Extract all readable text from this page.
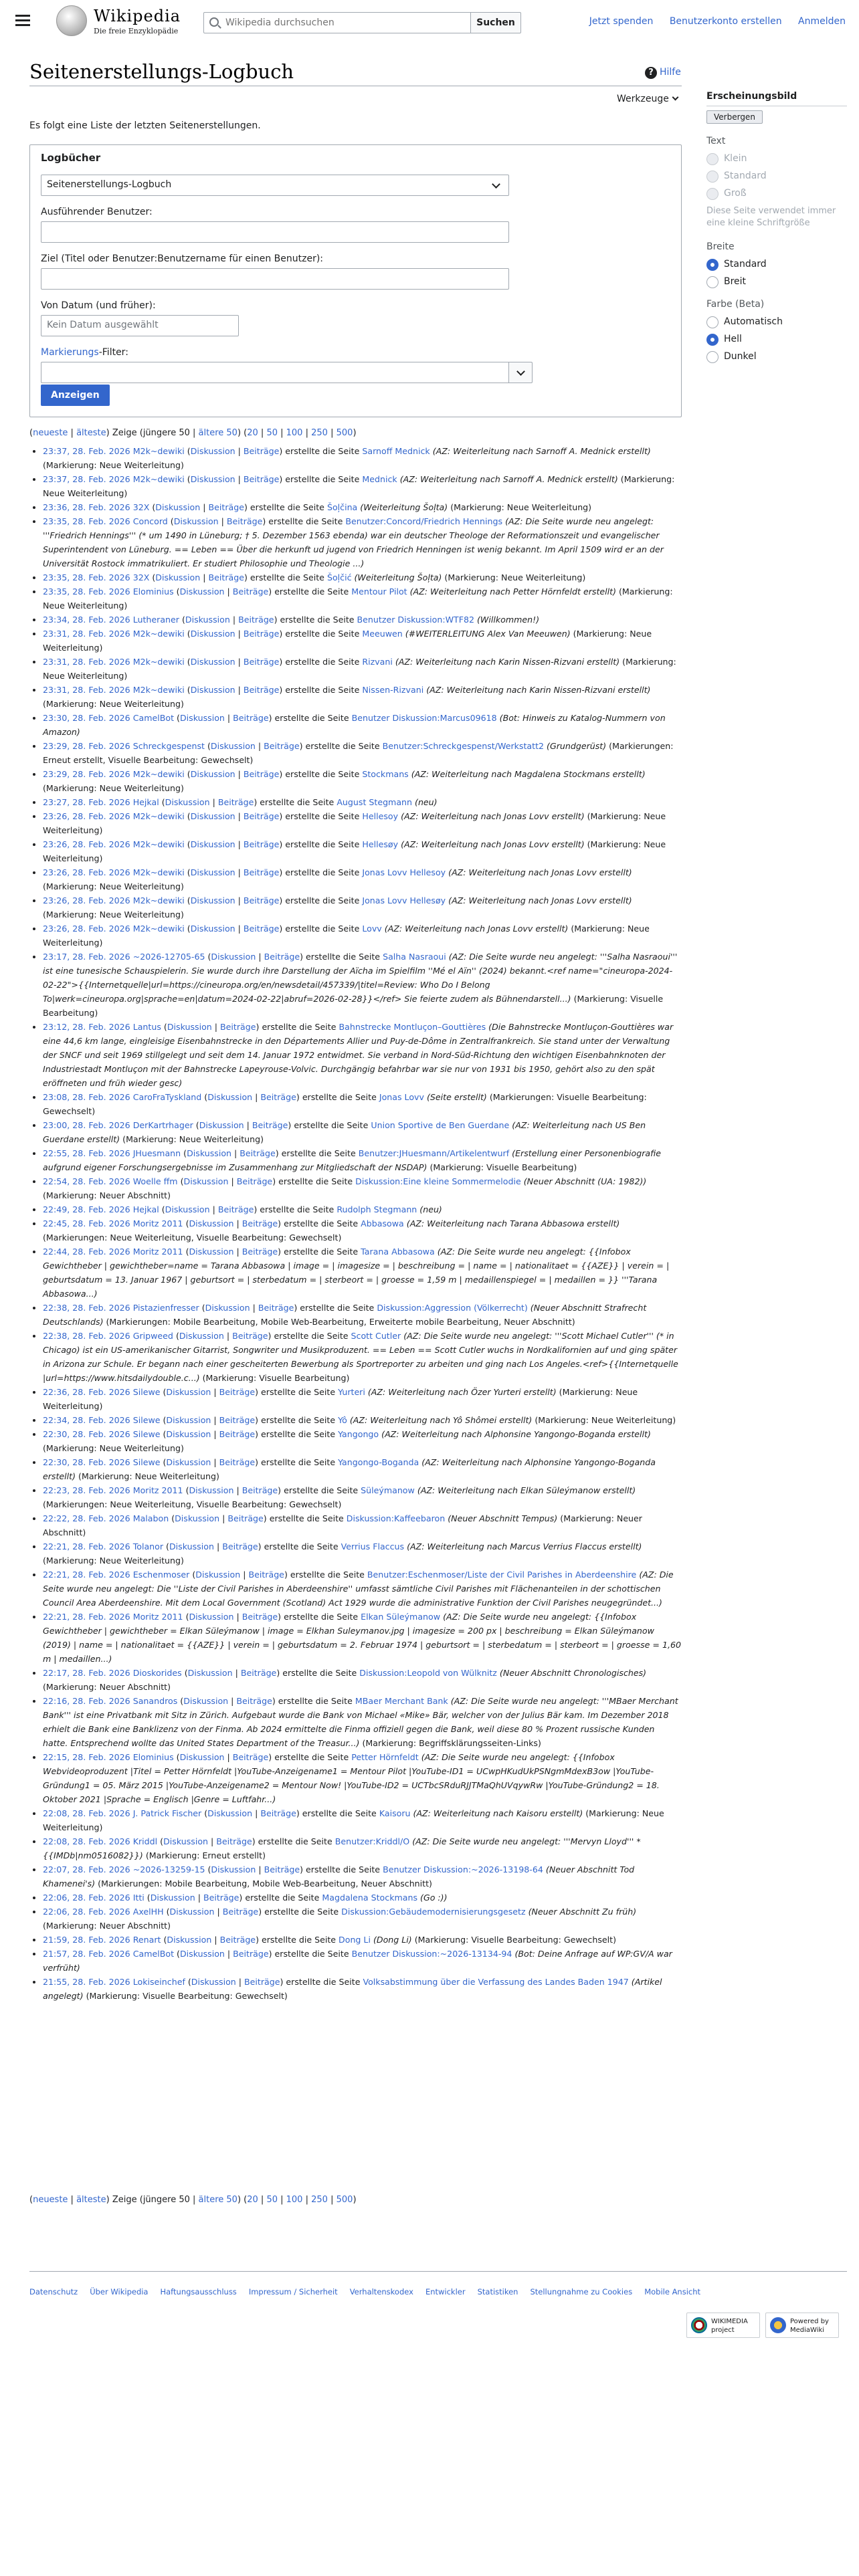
Wikipedia
Die freie Enzyklopädie
Wikipedia durchsuchen
Suchen	Jetzt spenden Benutzerkonto erstellen Anmelden
Seitenerstellungs-Logbuch	? Hilfe
Werkzeuge
Es folgt eine Liste der letzten Seitenerstellungen.
Logbücher
Seitenerstellungs-Logbuch
Ausführender Benutzer:
Ziel (Titel oder Benutzer:Benutzername für einen Benutzer):
Von Datum (und früher):
Kein Datum ausgewählt
Markierungs-Filter:
Anzeigen
(neueste | älteste) Zeige (jüngere 50 | ältere 50) (20 | 50 | 100 | 250 | 500)
• 23:37, 28. Feb. 2026 M2k~dewiki (Diskussion | Beiträge) erstellte die Seite Sarnoff Mednick (AZ: Weiterleitung nach Sarnoff A. Mednick erstellt) (Markierung: Neue Weiterleitung)
• 23:37, 28. Feb. 2026 M2k~dewiki (Diskussion | Beiträge) erstellte die Seite Mednick (AZ: Weiterleitung nach Sarnoff A. Mednick erstellt) (Markierung: Neue Weiterleitung)
• 23:36, 28. Feb. 2026 32X (Diskussion | Beiträge) erstellte die Seite Šoļčina (Weiterleitung Šoļta) (Markierung: Neue Weiterleitung)
• 23:35, 28. Feb. 2026 Concord (Diskussion | Beiträge) erstellte die Seite Benutzer:Concord/Friedrich Hennings (AZ: Die Seite wurde neu angelegt: '''Friedrich Hennings''' (* um 1490 in Lüneburg; † 5. Dezember 1563 ebenda) war ein deutscher Theologe der Reformationszeit und evangelischer Superintendent von Lüneburg. == Leben == Über die herkunft ud jugend von Friedrich Henningen ist wenig bekannt. Im April 1509 wird er an der Universität Rostock immatrikuliert. Er studiert Philosophie und Theologie ...)
• 23:35, 28. Feb. 2026 32X (Diskussion | Beiträge) erstellte die Seite Šoļčić (Weiterleitung Šoļta) (Markierung: Neue Weiterleitung)
• 23:35, 28. Feb. 2026 Elominius (Diskussion | Beiträge) erstellte die Seite Mentour Pilot (AZ: Weiterleitung nach Petter Hörnfeldt erstellt) (Markierung: Neue Weiterleitung)
• 23:34, 28. Feb. 2026 Lutheraner (Diskussion | Beiträge) erstellte die Seite Benutzer Diskussion:WTF82 (Willkommen!)
• 23:31, 28. Feb. 2026 M2k~dewiki (Diskussion | Beiträge) erstellte die Seite Meeuwen (#WEITERLEITUNG Alex Van Meeuwen) (Markierung: Neue Weiterleitung)
• 23:31, 28. Feb. 2026 M2k~dewiki (Diskussion | Beiträge) erstellte die Seite Rizvani (AZ: Weiterleitung nach Karin Nissen-Rizvani erstellt) (Markierung: Neue Weiterleitung)
• 23:31, 28. Feb. 2026 M2k~dewiki (Diskussion | Beiträge) erstellte die Seite Nissen-Rizvani (AZ: Weiterleitung nach Karin Nissen-Rizvani erstellt) (Markierung: Neue Weiterleitung)
• 23:30, 28. Feb. 2026 CamelBot (Diskussion | Beiträge) erstellte die Seite Benutzer Diskussion:Marcus09618 (Bot: Hinweis zu Katalog-Nummern von Amazon)
• 23:29, 28. Feb. 2026 Schreckgespenst (Diskussion | Beiträge) erstellte die Seite Benutzer:Schreckgespenst/Werkstatt2 (Grundgerüst) (Markierungen: Erneut erstellt, Visuelle Bearbeitung: Gewechselt)
• 23:29, 28. Feb. 2026 M2k~dewiki (Diskussion | Beiträge) erstellte die Seite Stockmans (AZ: Weiterleitung nach Magdalena Stockmans erstellt) (Markierung: Neue Weiterleitung)
• 23:27, 28. Feb. 2026 Hejkal (Diskussion | Beiträge) erstellte die Seite August Stegmann (neu)
• 23:26, 28. Feb. 2026 M2k~dewiki (Diskussion | Beiträge) erstellte die Seite Hellesoy (AZ: Weiterleitung nach Jonas Lovv erstellt) (Markierung: Neue Weiterleitung)
• 23:26, 28. Feb. 2026 M2k~dewiki (Diskussion | Beiträge) erstellte die Seite Hellesøy (AZ: Weiterleitung nach Jonas Lovv erstellt) (Markierung: Neue Weiterleitung)
• 23:26, 28. Feb. 2026 M2k~dewiki (Diskussion | Beiträge) erstellte die Seite Jonas Lovv Hellesoy (AZ: Weiterleitung nach Jonas Lovv erstellt) (Markierung: Neue Weiterleitung)
• 23:26, 28. Feb. 2026 M2k~dewiki (Diskussion | Beiträge) erstellte die Seite Jonas Lovv Hellesøy (AZ: Weiterleitung nach Jonas Lovv erstellt) (Markierung: Neue Weiterleitung)
• 23:26, 28. Feb. 2026 M2k~dewiki (Diskussion | Beiträge) erstellte die Seite Lovv (AZ: Weiterleitung nach Jonas Lovv erstellt) (Markierung: Neue Weiterleitung)
• 23:17, 28. Feb. 2026 ~2026-12705-65 (Diskussion | Beiträge) erstellte die Seite Salha Nasraoui (AZ: Die Seite wurde neu angelegt: '''Salha Nasraoui''' ist eine tunesische Schauspielerin. Sie wurde durch ihre Darstellung der Aïcha im Spielfilm ''Mé el Aïn'' (2024) bekannt.<ref name="cineuropa-2024-02-22">{{Internetquelle|url=https://cineuropa.org/en/newsdetail/457339/|titel=Review: Who Do I Belong To|werk=cineuropa.org|sprache=en|datum=2024-02-22|abruf=2026-02-28}}</ref> Sie feierte zudem als Bühnendarstell...) (Markierung: Visuelle Bearbeitung)
• 23:12, 28. Feb. 2026 Lantus (Diskussion | Beiträge) erstellte die Seite Bahnstrecke Montluçon–Gouttières (Die Bahnstrecke Montluçon-Gouttières war eine 44,6 km lange, eingleisige Eisenbahnstrecke in den Départements Allier und Puy-de-Dôme in Zentralfrankreich. Sie stand unter der Verwaltung der SNCF und seit 1969 stillgelegt und seit dem 14. Januar 1972 entwidmet. Sie verband in Nord-Süd-Richtung den wichtigen Eisenbahnknoten der Industriestadt Montluçon mit der Bahnstrecke Lapeyrouse-Volvic. Durchgängig befahrbar war sie nur von 1931 bis 1950, gehört also zu den spät eröffneten und früh wieder gesc)
• 23:08, 28. Feb. 2026 CaroFraTyskland (Diskussion | Beiträge) erstellte die Seite Jonas Lovv (Seite erstellt) (Markierungen: Visuelle Bearbeitung: Gewechselt)
• 23:00, 28. Feb. 2026 DerKartrhager (Diskussion | Beiträge) erstellte die Seite Union Sportive de Ben Guerdane (AZ: Weiterleitung nach US Ben Guerdane erstellt) (Markierung: Neue Weiterleitung)
• 22:55, 28. Feb. 2026 JHuesmann (Diskussion | Beiträge) erstellte die Seite Benutzer:JHuesmann/Artikelentwurf (Erstellung einer Personenbiografie aufgrund eigener Forschungsergebnisse im Zusammenhang zur Mitgliedschaft der NSDAP) (Markierung: Visuelle Bearbeitung)
• 22:54, 28. Feb. 2026 Woelle ffm (Diskussion | Beiträge) erstellte die Seite Diskussion:Eine kleine Sommermelodie (Neuer Abschnitt (UA: 1982)) (Markierung: Neuer Abschnitt)
• 22:49, 28. Feb. 2026 Hejkal (Diskussion | Beiträge) erstellte die Seite Rudolph Stegmann (neu)
• 22:45, 28. Feb. 2026 Moritz 2011 (Diskussion | Beiträge) erstellte die Seite Abbasowa (AZ: Weiterleitung nach Tarana Abbasowa erstellt) (Markierungen: Neue Weiterleitung, Visuelle Bearbeitung: Gewechselt)
• 22:44, 28. Feb. 2026 Moritz 2011 (Diskussion | Beiträge) erstellte die Seite Tarana Abbasowa (AZ: Die Seite wurde neu angelegt: {{Infobox Gewichtheber | gewichtheber=name = Tarana Abbasowa | image = | imagesize = | beschreibung = | name = | nationalitaet = {{AZE}} | verein = | geburtsdatum = 13. Januar 1967 | geburtsort = | sterbedatum = | sterbeort = | groesse = 1,59 m | medaillenspiegel = | medaillen = }} '''Tarana Abbasowa...)
• 22:38, 28. Feb. 2026 Pistazienfresser (Diskussion | Beiträge) erstellte die Seite Diskussion:Aggression (Völkerrecht) (Neuer Abschnitt Strafrecht Deutschlands) (Markierungen: Mobile Bearbeitung, Mobile Web-Bearbeitung, Erweiterte mobile Bearbeitung, Neuer Abschnitt)
• 22:38, 28. Feb. 2026 Gripweed (Diskussion | Beiträge) erstellte die Seite Scott Cutler (AZ: Die Seite wurde neu angelegt: '''Scott Michael Cutler''' (* in Chicago) ist ein US-amerikanischer Gitarrist, Songwriter und Musikproduzent. == Leben == Scott Cutler wuchs in Nordkalifornien auf und ging später in Arizona zur Schule. Er begann nach einer gescheiterten Bewerbung als Sportreporter zu arbeiten und ging nach Los Angeles.<ref>{{Internetquelle |url=https://www.hitsdailydouble.c...) (Markierung: Visuelle Bearbeitung)
• 22:36, 28. Feb. 2026 Silewe (Diskussion | Beiträge) erstellte die Seite Yurteri (AZ: Weiterleitung nach Özer Yurteri erstellt) (Markierung: Neue Weiterleitung)
• 22:34, 28. Feb. 2026 Silewe (Diskussion | Beiträge) erstellte die Seite Yô (AZ: Weiterleitung nach Yô Shômei erstellt) (Markierung: Neue Weiterleitung)
• 22:30, 28. Feb. 2026 Silewe (Diskussion | Beiträge) erstellte die Seite Yangongo (AZ: Weiterleitung nach Alphonsine Yangongo-Boganda erstellt) (Markierung: Neue Weiterleitung)
• 22:30, 28. Feb. 2026 Silewe (Diskussion | Beiträge) erstellte die Seite Yangongo-Boganda (AZ: Weiterleitung nach Alphonsine Yangongo-Boganda erstellt) (Markierung: Neue Weiterleitung)
• 22:23, 28. Feb. 2026 Moritz 2011 (Diskussion | Beiträge) erstellte die Seite Süleýmanow (AZ: Weiterleitung nach Elkan Süleýmanow erstellt) (Markierungen: Neue Weiterleitung, Visuelle Bearbeitung: Gewechselt)
• 22:22, 28. Feb. 2026 Malabon (Diskussion | Beiträge) erstellte die Seite Diskussion:Kaffeebaron (Neuer Abschnitt Tempus) (Markierung: Neuer Abschnitt)
• 22:21, 28. Feb. 2026 Tolanor (Diskussion | Beiträge) erstellte die Seite Verrius Flaccus (AZ: Weiterleitung nach Marcus Verrius Flaccus erstellt) (Markierung: Neue Weiterleitung)
• 22:21, 28. Feb. 2026 Eschenmoser (Diskussion | Beiträge) erstellte die Seite Benutzer:Eschenmoser/Liste der Civil Parishes in Aberdeenshire (AZ: Die Seite wurde neu angelegt: Die ''Liste der Civil Parishes in Aberdeenshire'' umfasst sämtliche Civil Parishes mit Flächenanteilen in der schottischen Council Area Aberdeenshire. Mit dem Local Government (Scotland) Act 1929 wurde die administrative Funktion der Civil Parishes neugegründet...)
• 22:21, 28. Feb. 2026 Moritz 2011 (Diskussion | Beiträge) erstellte die Seite Elkan Süleýmanow (AZ: Die Seite wurde neu angelegt: {{Infobox Gewichtheber | gewichtheber = Elkan Süleýmanow | image = Elkhan Suleymanov.jpg | imagesize = 200 px | beschreibung = Elkan Süleýmanow (2019) | name = | nationalitaet = {{AZE}} | verein = | geburtsdatum = 2. Februar 1974 | geburtsort = | sterbedatum = | sterbeort = | groesse = 1,60 m | medaillen...)
• 22:17, 28. Feb. 2026 Dioskorides (Diskussion | Beiträge) erstellte die Seite Diskussion:Leopold von Wülknitz (Neuer Abschnitt Chronologisches) (Markierung: Neuer Abschnitt)
• 22:16, 28. Feb. 2026 Sanandros (Diskussion | Beiträge) erstellte die Seite MBaer Merchant Bank (AZ: Die Seite wurde neu angelegt: '''MBaer Merchant Bank''' ist eine Privatbank mit Sitz in Zürich. Aufgebaut wurde die Bank von Michael «Mike» Bär, welcher von der Julius Bär kam. Im Dezember 2018 erhielt die Bank eine Banklizenz von der Finma. Ab 2024 ermittelte die Finma offiziell gegen die Bank, weil diese 80 % Prozent russische Kunden hatte. Entsprechend wollte das United States Department of the Treasur...) (Markierung: Begriffsklärungsseiten-Links)
• 22:15, 28. Feb. 2026 Elominius (Diskussion | Beiträge) erstellte die Seite Petter Hörnfeldt (AZ: Die Seite wurde neu angelegt: {{Infobox Webvideoproduzent |Titel = Petter Hörnfeldt |YouTube-Anzeigename1 = Mentour Pilot |YouTube-ID1 = UCwpHKudUkPSNgmMdexB3ow |YouTube-Gründung1 = 05. März 2015 |YouTube-Anzeigename2 = Mentour Now! |YouTube-ID2 = UCTbcSRduRJJTMaQhUVqywRw |YouTube-Gründung2 = 18. Oktober 2021 |Sprache = Englisch |Genre = Luftfahr...)
• 22:08, 28. Feb. 2026 J. Patrick Fischer (Diskussion | Beiträge) erstellte die Seite Kaisoru (AZ: Weiterleitung nach Kaisoru erstellt) (Markierung: Neue Weiterleitung)
• 22:08, 28. Feb. 2026 Kriddl (Diskussion | Beiträge) erstellte die Seite Benutzer:Kriddl/O (AZ: Die Seite wurde neu angelegt: '''Mervyn Lloyd''' * {{IMDb|nm0516082}}) (Markierung: Erneut erstellt)
• 22:07, 28. Feb. 2026 ~2026-13259-15 (Diskussion | Beiträge) erstellte die Seite Benutzer Diskussion:~2026-13198-64 (Neuer Abschnitt Tod Khamenei's) (Markierungen: Mobile Bearbeitung, Mobile Web-Bearbeitung, Neuer Abschnitt)
• 22:06, 28. Feb. 2026 Itti (Diskussion | Beiträge) erstellte die Seite Magdalena Stockmans (Go :))
• 22:06, 28. Feb. 2026 AxelHH (Diskussion | Beiträge) erstellte die Seite Diskussion:Gebäudemodernisierungsgesetz (Neuer Abschnitt Zu früh) (Markierung: Neuer Abschnitt)
• 21:59, 28. Feb. 2026 Renart (Diskussion | Beiträge) erstellte die Seite Dong Li (Dong Li) (Markierung: Visuelle Bearbeitung: Gewechselt)
• 21:57, 28. Feb. 2026 CamelBot (Diskussion | Beiträge) erstellte die Seite Benutzer Diskussion:~2026-13134-94 (Bot: Deine Anfrage auf WP:GV/A war verfrüht)
• 21:55, 28. Feb. 2026 Lokiseinchef (Diskussion | Beiträge) erstellte die Seite Volksabstimmung über die Verfassung des Landes Baden 1947 (Artikel angelegt) (Markierung: Visuelle Bearbeitung: Gewechselt)
(neueste | älteste) Zeige (jüngere 50 | ältere 50) (20 | 50 | 100 | 250 | 500)
Erscheinungsbild
Verbergen
Text
Klein
Standard
Groß
Diese Seite verwendet immer eine kleine Schriftgröße
Breite
Standard
Breit
Farbe (Beta)
Automatisch
Hell
Dunkel
Datenschutz Über Wikipedia Haftungsausschluss Impressum / Sicherheit Verhaltenskodex Entwickler Statistiken Stellungnahme zu Cookies Mobile Ansicht
WIKIMEDIA project
Powered by MediaWiki
